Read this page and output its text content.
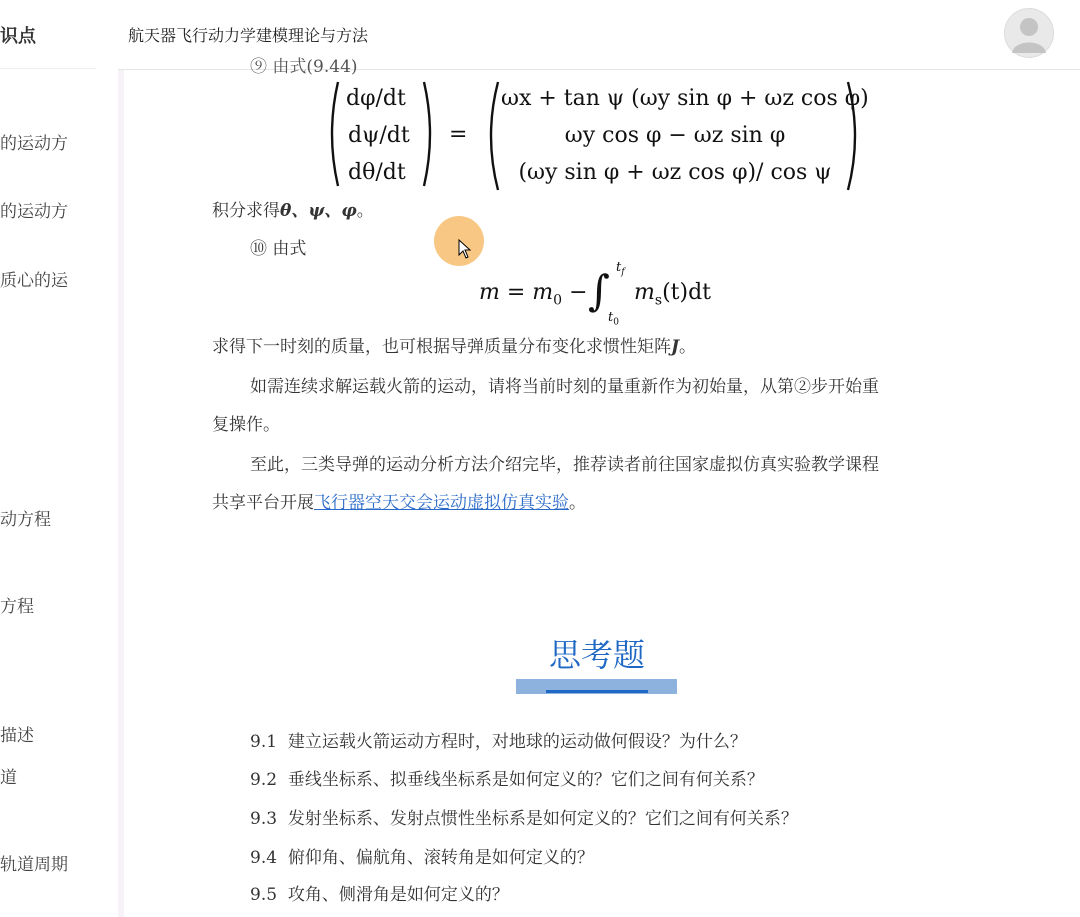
识点
的运动方
的运动方
质心的运
动方程
方程
描述
道
轨道周期
航天器飞行动力学建模理论与方法
⑨ 由式(9.44)
dφ/dt
dψ/dt
dθ/dt
=
ωx + tan ψ (ωy sin φ + ωz cos φ)
ωy cos φ − ωz sin φ
(ωy sin φ + ωz cos φ)/ cos ψ
积分求得θ、ψ、φ。
⑩ 由式
$m = m_0$ − ∫ $t_f$
$t_0$
$m_s(t)dt$
求得下一时刻的质量，也可根据导弹质量分布变化求惯性矩阵J。
如需连续求解运载火箭的运动，请将当前时刻的量重新作为初始量，从第②步开始重
复操作。
至此，三类导弹的运动分析方法介绍完毕，推荐读者前往国家虚拟仿真实验教学课程
共享平台开展飞行器空天交会运动虚拟仿真实验。
思考题
9.1 建立运载火箭运动方程时，对地球的运动做何假设？为什么？
9.2 垂线坐标系、拟垂线坐标系是如何定义的？它们之间有何关系？
9.3 发射坐标系、发射点惯性坐标系是如何定义的？它们之间有何关系？
9.4 俯仰角、偏航角、滚转角是如何定义的？
9.5 攻角、侧滑角是如何定义的？
